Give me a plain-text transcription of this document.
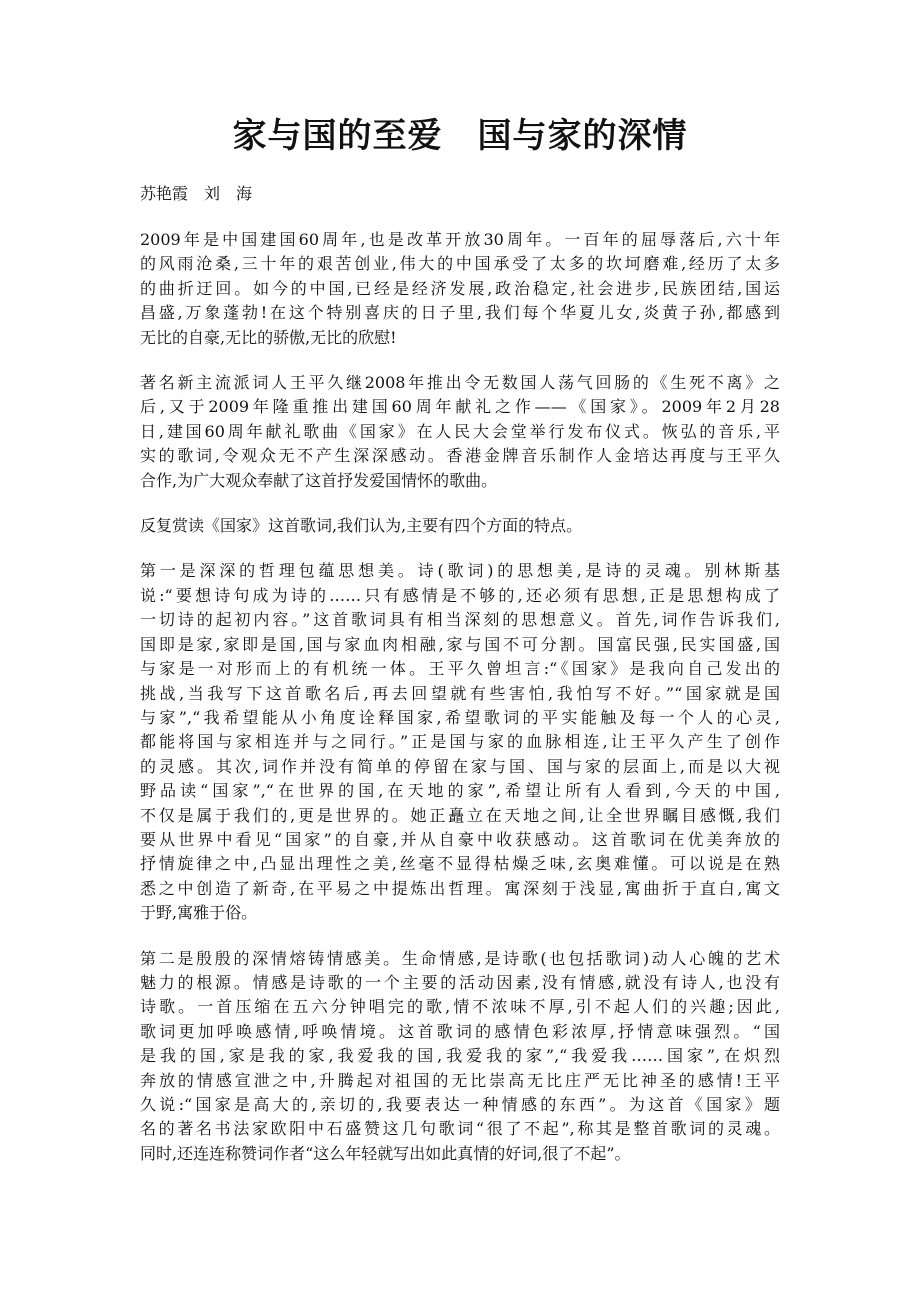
家与国的至爱　国与家的深情

苏艳霞　刘　海

2009年是中国建国60周年,也是改革开放30周年。一百年的屈辱落后,六十年
的风雨沧桑,三十年的艰苦创业,伟大的中国承受了太多的坎坷磨难,经历了太多
的曲折迂回。如今的中国,已经是经济发展,政治稳定,社会进步,民族团结,国运
昌盛,万象蓬勃!在这个特别喜庆的日子里,我们每个华夏儿女,炎黄子孙,都感到
无比的自豪,无比的骄傲,无比的欣慰!

著名新主流派词人王平久继2008年推出令无数国人荡气回肠的《生死不离》之
后,又于2009年隆重推出建国60周年献礼之作——《国家》。2009年2月28
日,建国60周年献礼歌曲《国家》在人民大会堂举行发布仪式。恢弘的音乐,平
实的歌词,令观众无不产生深深感动。香港金牌音乐制作人金培达再度与王平久
合作,为广大观众奉献了这首抒发爱国情怀的歌曲。

反复赏读《国家》这首歌词,我们认为,主要有四个方面的特点。

第一是深深的哲理包蕴思想美。诗(歌词)的思想美,是诗的灵魂。别林斯基
说:“要想诗句成为诗的……只有感情是不够的,还必须有思想,正是思想构成了
一切诗的起初内容。”这首歌词具有相当深刻的思想意义。首先,词作告诉我们,
国即是家,家即是国,国与家血肉相融,家与国不可分割。国富民强,民实国盛,国
与家是一对形而上的有机统一体。王平久曾坦言:“《国家》是我向自己发出的
挑战,当我写下这首歌名后,再去回望就有些害怕,我怕写不好。”“国家就是国
与家”,“我希望能从小角度诠释国家,希望歌词的平实能触及每一个人的心灵,
都能将国与家相连并与之同行。”正是国与家的血脉相连,让王平久产生了创作
的灵感。其次,词作并没有简单的停留在家与国、国与家的层面上,而是以大视
野品读“国家”,“在世界的国,在天地的家”,希望让所有人看到,今天的中国,
不仅是属于我们的,更是世界的。她正矗立在天地之间,让全世界瞩目感慨,我们
要从世界中看见“国家”的自豪,并从自豪中收获感动。这首歌词在优美奔放的
抒情旋律之中,凸显出理性之美,丝毫不显得枯燥乏味,玄奥难懂。可以说是在熟
悉之中创造了新奇,在平易之中提炼出哲理。寓深刻于浅显,寓曲折于直白,寓文
于野,寓雅于俗。

第二是殷殷的深情熔铸情感美。生命情感,是诗歌(也包括歌词)动人心魄的艺术
魅力的根源。情感是诗歌的一个主要的活动因素,没有情感,就没有诗人,也没有
诗歌。一首压缩在五六分钟唱完的歌,情不浓味不厚,引不起人们的兴趣;因此,
歌词更加呼唤感情,呼唤情境。这首歌词的感情色彩浓厚,抒情意味强烈。“国
是我的国,家是我的家,我爱我的国,我爱我的家”,“我爱我……国家”,在炽烈
奔放的情感宣泄之中,升腾起对祖国的无比崇高无比庄严无比神圣的感情!王平
久说:“国家是高大的,亲切的,我要表达一种情感的东西”。为这首《国家》题
名的著名书法家欧阳中石盛赞这几句歌词“很了不起”,称其是整首歌词的灵魂。
同时,还连连称赞词作者“这么年轻就写出如此真情的好词,很了不起”。
